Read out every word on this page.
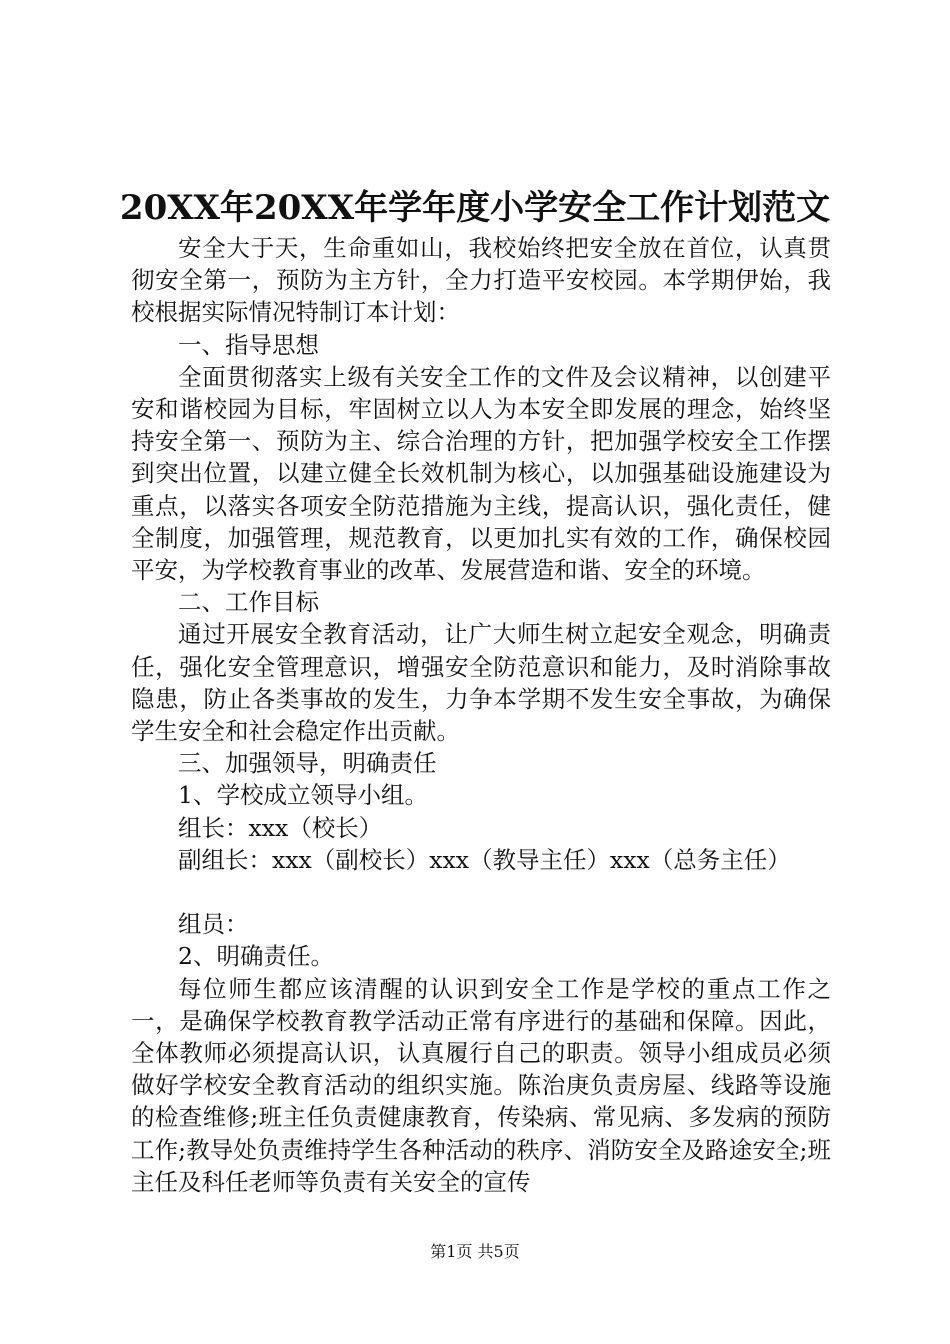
20XX年20XX年学年度小学安全工作计划范文

安全大于天，生命重如山，我校始终把安全放在首位，认真贯彻安全第一，预防为主方针，全力打造平安校园。本学期伊始，我校根据实际情况特制订本计划：

一、指导思想

全面贯彻落实上级有关安全工作的文件及会议精神，以创建平安和谐校园为目标，牢固树立以人为本安全即发展的理念，始终坚持安全第一、预防为主、综合治理的方针，把加强学校安全工作摆到突出位置，以建立健全长效机制为核心，以加强基础设施建设为重点，以落实各项安全防范措施为主线，提高认识，强化责任，健全制度，加强管理，规范教育，以更加扎实有效的工作，确保校园平安，为学校教育事业的改革、发展营造和谐、安全的环境。

二、工作目标

通过开展安全教育活动，让广大师生树立起安全观念，明确责任，强化安全管理意识，增强安全防范意识和能力，及时消除事故隐患，防止各类事故的发生，力争本学期不发生安全事故，为确保学生安全和社会稳定作出贡献。

三、加强领导，明确责任

1、学校成立领导小组。

组长：xxx（校长）

副组长：xxx（副校长）xxx（教导主任）xxx（总务主任）

组员：

2、明确责任。

每位师生都应该清醒的认识到安全工作是学校的重点工作之一，是确保学校教育教学活动正常有序进行的基础和保障。因此，全体教师必须提高认识，认真履行自己的职责。领导小组成员必须做好学校安全教育活动的组织实施。陈治庚负责房屋、线路等设施的检查维修;班主任负责健康教育，传染病、常见病、多发病的预防工作;教导处负责维持学生各种活动的秩序、消防安全及路途安全;班主任及科任老师等负责有关安全的宣传

第1页 共5页
